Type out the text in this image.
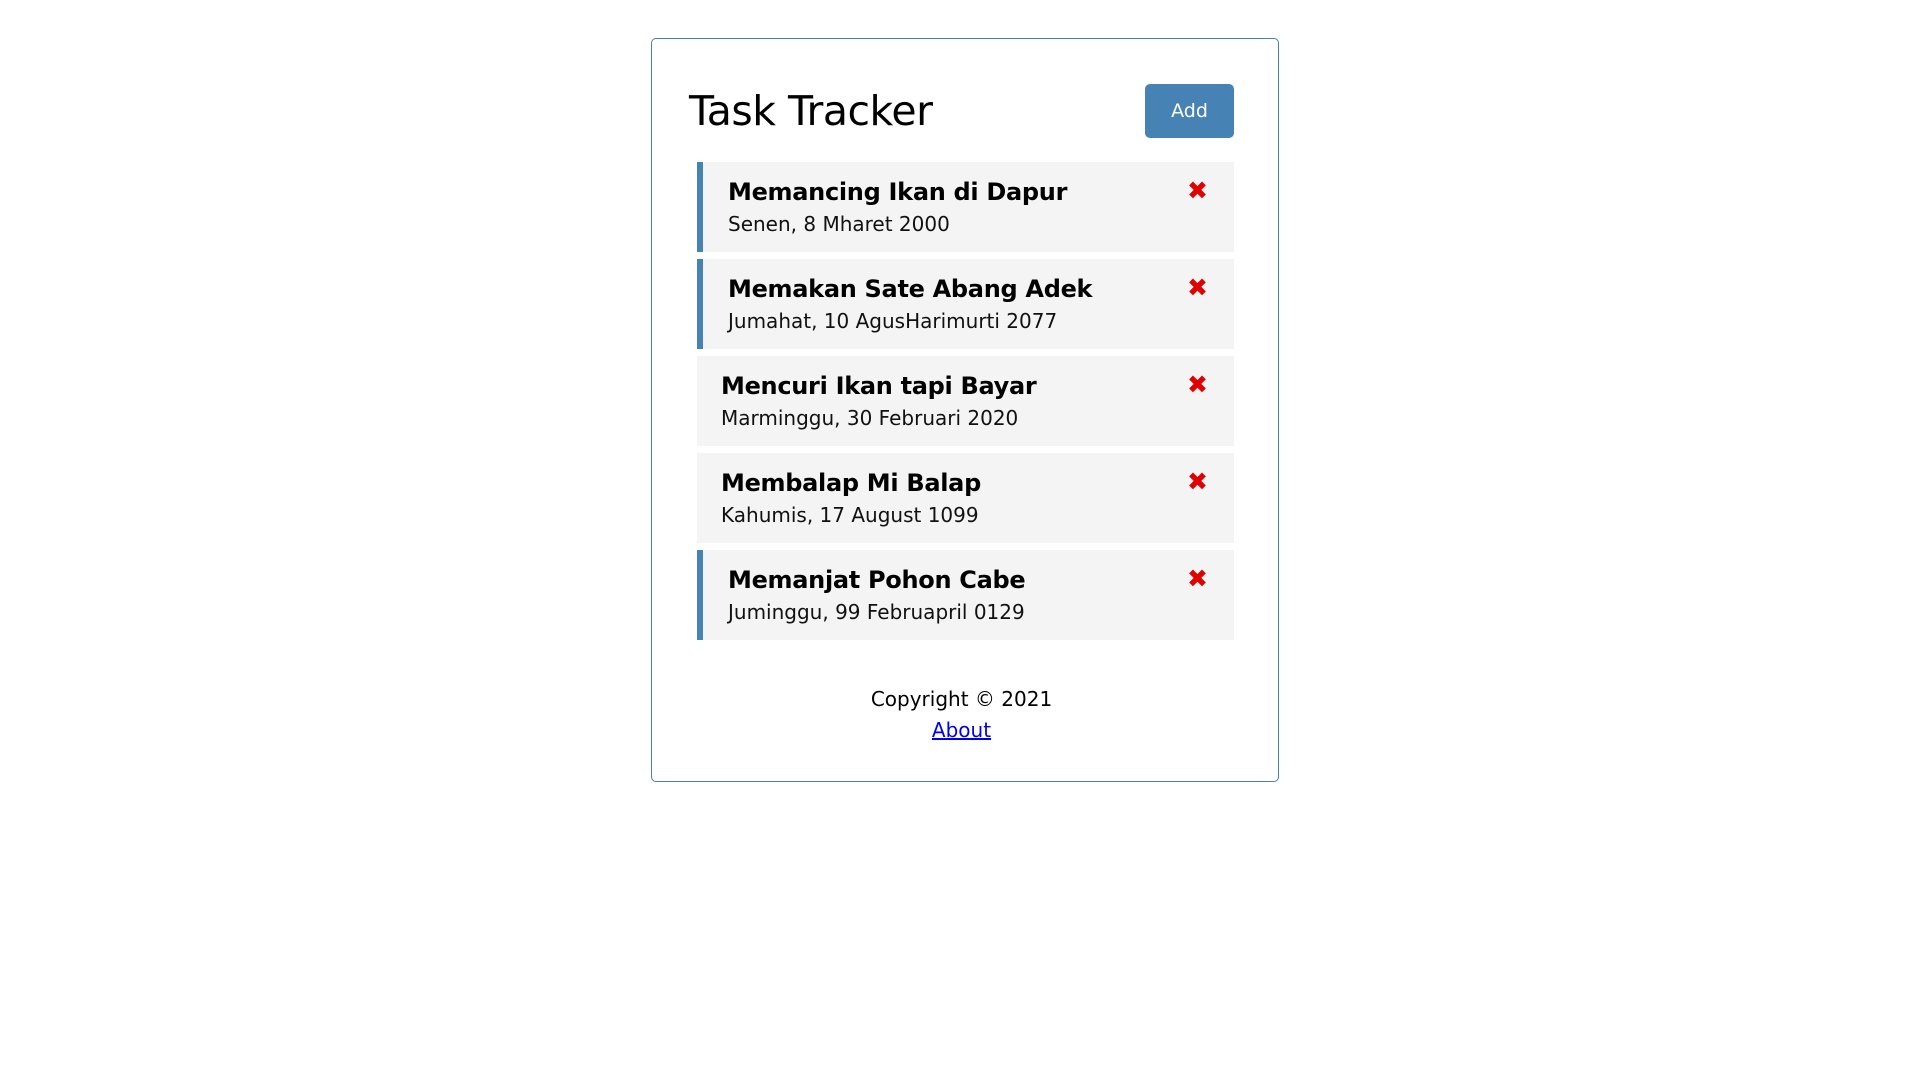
Task Tracker	Add
Memancing Ikan di Dapur	✖

Senen, 8 Mharet 2000

Memakan Sate Abang Adek	✖

Jumahat, 10 AgusHarimurti 2077

Mencuri Ikan tapi Bayar	✖

Marminggu, 30 Februari 2020

Membalap Mi Balap	✖

Kahumis, 17 August 1099

Memanjat Pohon Cabe	✖

Juminggu, 99 Februapril 0129

Copyright © 2021
About
